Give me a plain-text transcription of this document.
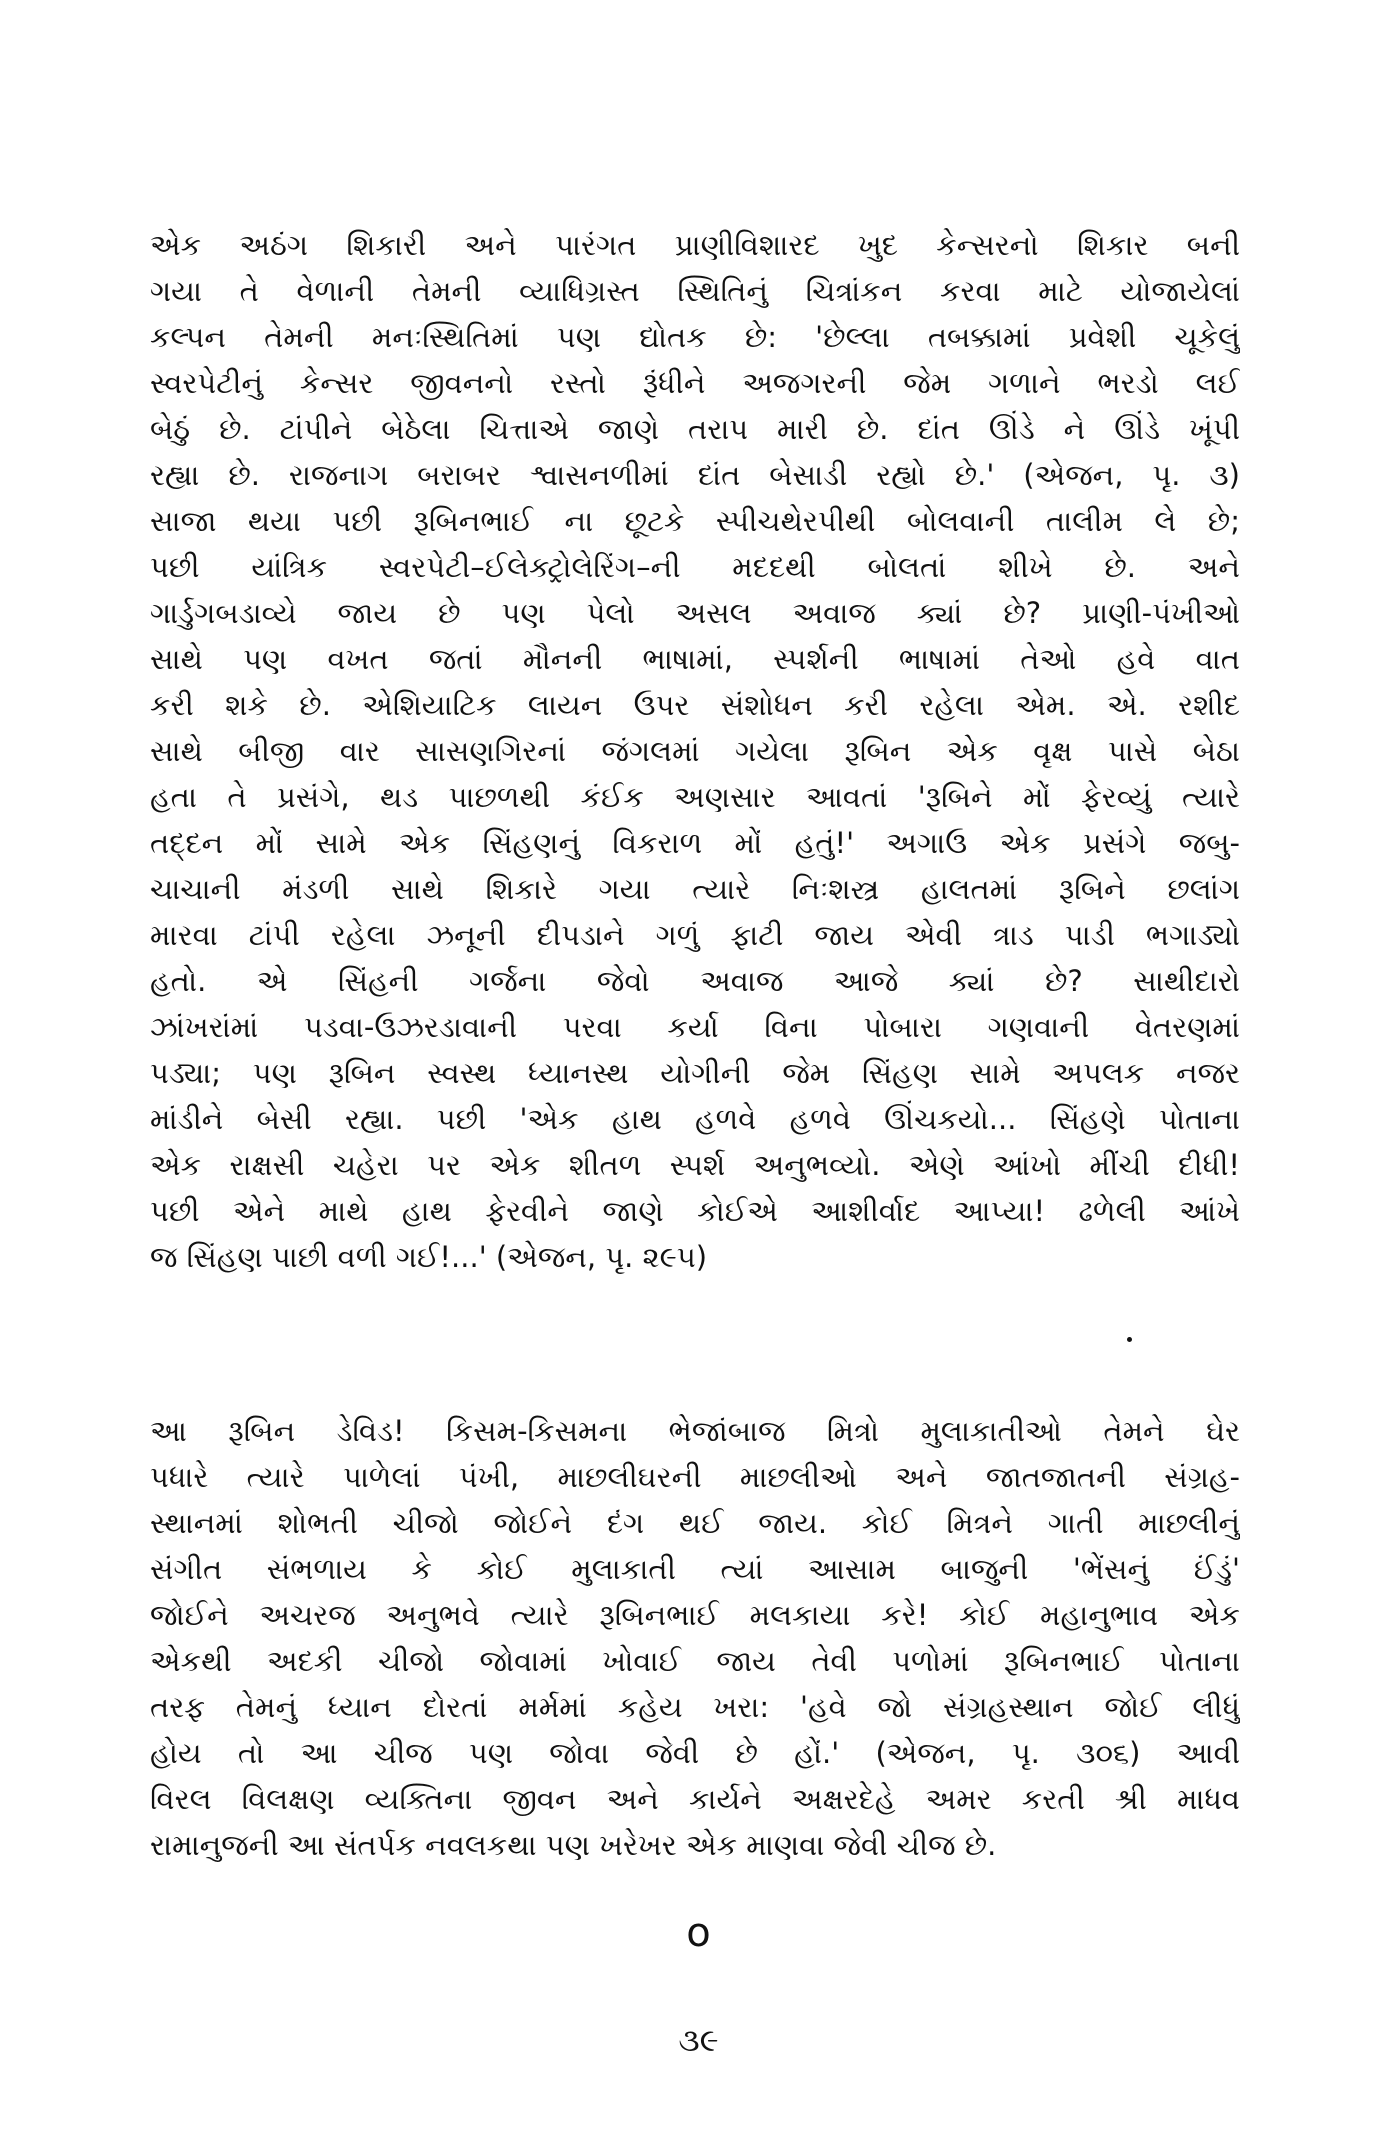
એક અઠંગ શિકારી અને પારંગત પ્રાણીવિશારદ ખુદ કેન્સરનો શિકાર બની
ગયા તે વેળાની તેમની વ્યાધિગ્રસ્ત સ્થિતિનું ચિત્રાંકન કરવા માટે યોજાયેલાં
કલ્પન તેમની મનઃસ્થિતિમાં પણ દ્યોતક છે: 'છેલ્લા તબક્કામાં પ્રવેશી ચૂકેલું
સ્વરપેટીનું કેન્સર જીવનનો રસ્તો રૂંધીને અજગરની જેમ ગળાને ભરડો લઈ
બેઠું છે. ટાંપીને બેઠેલા ચિત્તાએ જાણે તરાપ મારી છે. દાંત ઊંડે ને ઊંડે ખૂંપી
રહ્યા છે. રાજનાગ બરાબર શ્વાસનળીમાં દાંત બેસાડી રહ્યો છે.' (એજન, પૃ. ૩)
સાજા થયા પછી રૂબિનભાઈ ના છૂટકે સ્પીચથેરપીથી બોલવાની તાલીમ લે છે;
પછી યાંત્રિક સ્વરપેટી–ઈલેક્ટ્રોલેરિંગ–ની મદદથી બોલતાં શીખે છે. અને
ગાર્ડુગબડાવ્યે જાય છે પણ પેલો અસલ અવાજ ક્યાં છે? પ્રાણી-પંખીઓ
સાથે પણ વખત જતાં મૌનની ભાષામાં, સ્પર્શની ભાષામાં તેઓ હવે વાત
કરી શકે છે. એશિયાટિક લાયન ઉપર સંશોધન કરી રહેલા એમ. એ. રશીદ
સાથે બીજી વાર સાસણગિરનાં જંગલમાં ગયેલા રૂબિન એક વૃક્ષ પાસે બેઠા
હતા તે પ્રસંગે, થડ પાછળથી કંઈક અણસાર આવતાં 'રૂબિને મોં ફેરવ્યું ત્યારે
તદ્દન મોં સામે એક સિંહણનું વિકરાળ મોં હતું!' અગાઉ એક પ્રસંગે જબુ-
ચાચાની મંડળી સાથે શિકારે ગયા ત્યારે નિઃશસ્ત્ર હાલતમાં રૂબિને છલાંગ
મારવા ટાંપી રહેલા ઝનૂની દીપડાને ગળું ફાટી જાય એવી ત્રાડ પાડી ભગાડ્યો
હતો. એ સિંહની ગર્જના જેવો અવાજ આજે ક્યાં છે? સાથીદારો
ઝાંખરાંમાં પડવા-ઉઝરડાવાની પરવા કર્યા વિના પોબારા ગણવાની વેતરણમાં
પડ્યા; પણ રૂબિન સ્વસ્થ ધ્યાનસ્થ યોગીની જેમ સિંહણ સામે અપલક નજર
માંડીને બેસી રહ્યા. પછી 'એક હાથ હળવે હળવે ઊંચકયો... સિંહણે પોતાના
એક રાક્ષસી ચહેરા પર એક શીતળ સ્પર્શ અનુભવ્યો. એણે આંખો મીંચી દીધી!
પછી એને માથે હાથ ફેરવીને જાણે કોઈએ આશીર્વાદ આપ્યા! ઢળેલી આંખે
જ સિંહણ પાછી વળી ગઈ!...' (એજન, પૃ. ૨૯૫)
આ રૂબિન ડેવિડ! કિસમ-કિસમના ભેજાંબાજ મિત્રો મુલાકાતીઓ તેમને ઘેર
પધારે ત્યારે પાળેલાં પંખી, માછલીઘરની માછલીઓ અને જાતજાતની સંગ્રહ-
સ્થાનમાં શોભતી ચીજો જોઈને દંગ થઈ જાય. કોઈ મિત્રને ગાતી માછલીનું
સંગીત સંભળાય કે કોઈ મુલાકાતી ત્યાં આસામ બાજુની 'ભેંસનું ઈંડું'
જોઈને અચરજ અનુભવે ત્યારે રૂબિનભાઈ મલકાયા કરે! કોઈ મહાનુભાવ એક
એકથી અદકી ચીજો જોવામાં ખોવાઈ જાય તેવી પળોમાં રૂબિનભાઈ પોતાના
તરફ તેમનું ધ્યાન દોરતાં મર્મમાં કહેય ખરા: 'હવે જો સંગ્રહસ્થાન જોઈ લીધું
હોય તો આ ચીજ પણ જોવા જેવી છે હોં.' (એજન, પૃ. ૩૦૬) આવી
વિરલ વિલક્ષણ વ્યક્તિના જીવન અને કાર્યને અક્ષરદેહે અમર કરતી શ્રી માધવ
રામાનુજની આ સંતર્પક નવલકથા પણ ખરેખર એક માણવા જેવી ચીજ છે.
o
૩૯
